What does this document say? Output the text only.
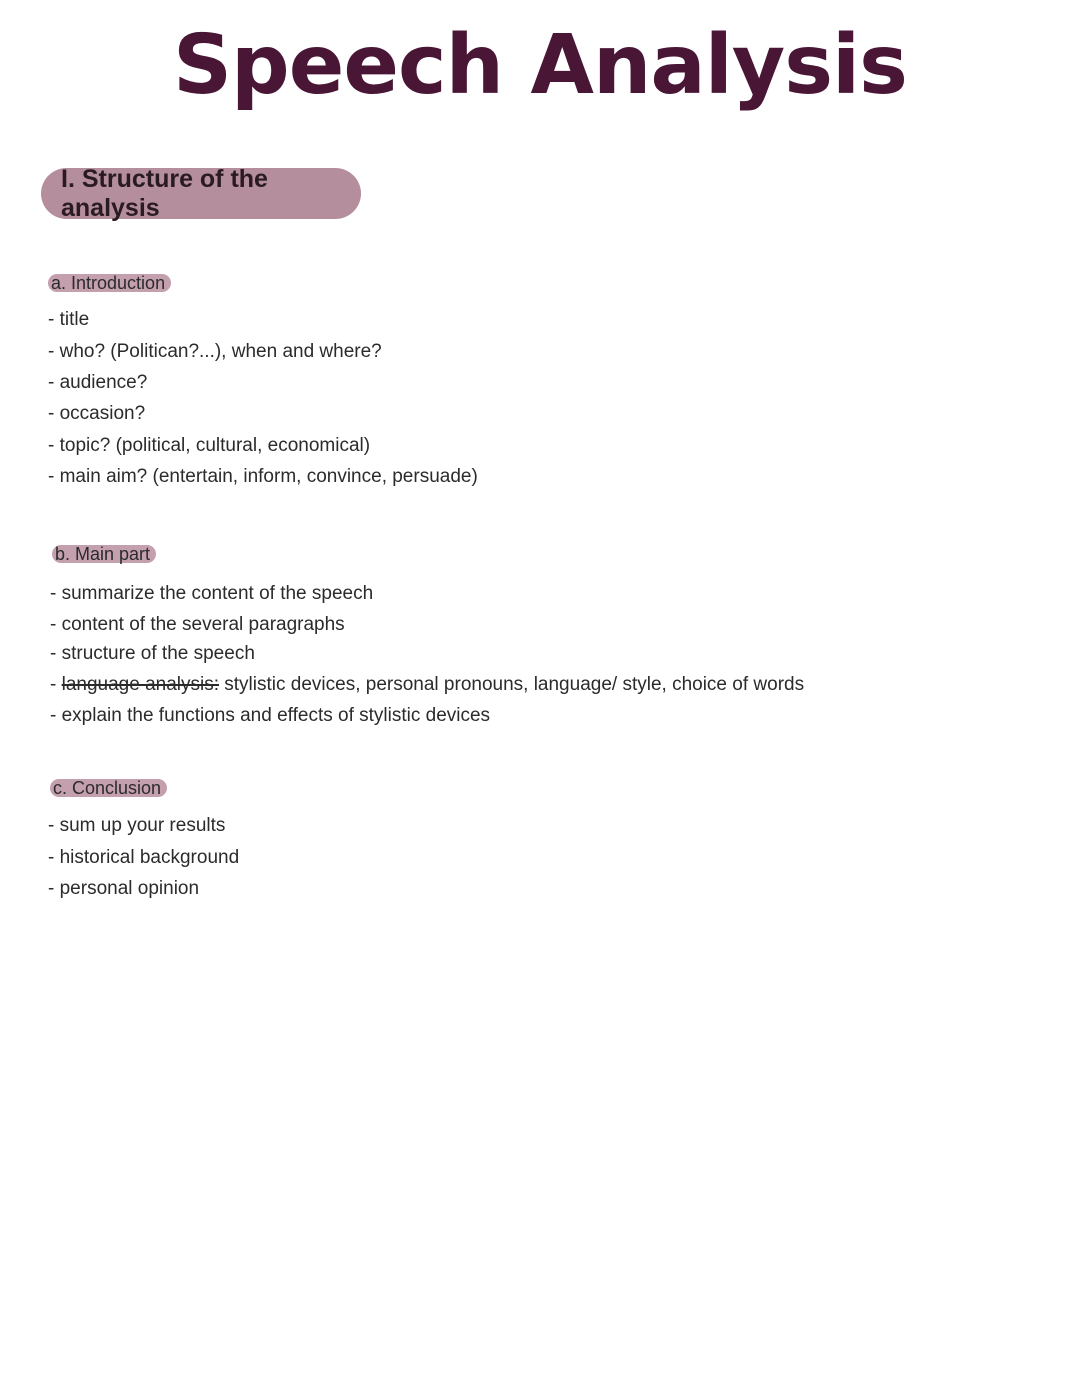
Speech Analysis
I. Structure of the analysis
a. Introduction
- title
- who? (Politican?...), when and where?
- audience?
- occasion?
- topic? (political, cultural, economical)
- main aim? (entertain, inform, convince, persuade)
b. Main part
- summarize the content of the speech
- content of the several paragraphs
- structure of the speech
- language analysis: stylistic devices, personal pronouns, language/ style, choice of words
- explain the functions and effects of stylistic devices
c. Conclusion
- sum up your results
- historical background
- personal opinion
